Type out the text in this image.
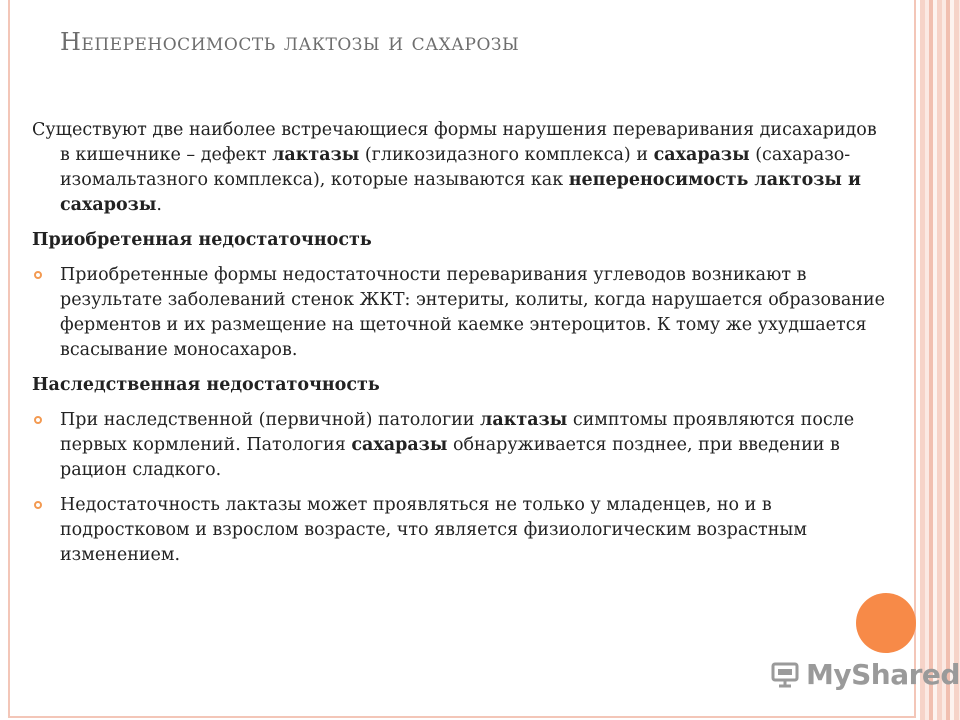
Непереносимость лактозы и сахарозы

Существуют две наиболее встречающиеся формы нарушения переваривания дисахаридов в кишечнике – дефект лактазы (гликозидазного комплекса) и сахаразы (сахаразо-изомальтазного комплекса), которые называются как непереносимость лактозы и сахарозы.

Приобретенная недостаточность
Приобретенные формы недостаточности переваривания углеводов возникают в результате заболеваний стенок ЖКТ: энтериты, колиты, когда нарушается образование ферментов и их размещение на щеточной каемке энтероцитов. К тому же ухудшается всасывание моносахаров.
Наследственная недостаточность
При наследственной (первичной) патологии лактазы симптомы проявляются после первых кормлений. Патология сахаразы обнаруживается позднее, при введении в рацион сладкого.
Недостаточность лактазы может проявляться не только у младенцев, но и в подростковом и взрослом возрасте, что является физиологическим возрастным изменением.
MyShared
